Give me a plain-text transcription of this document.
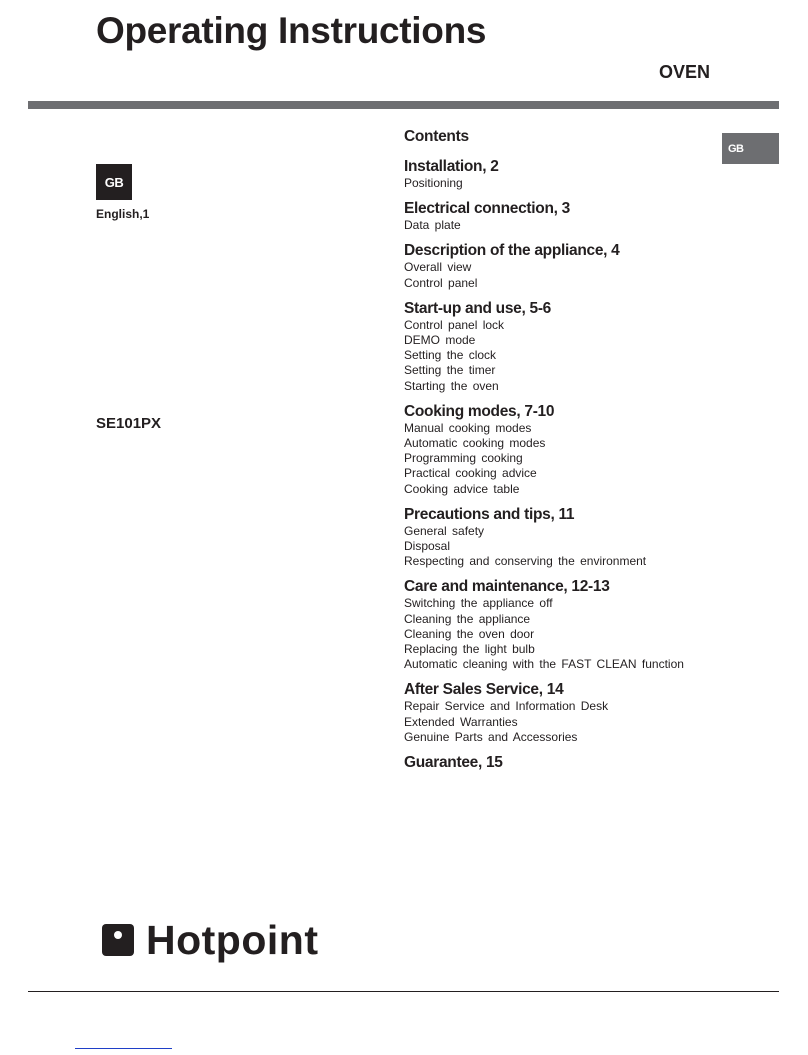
Operating Instructions
OVEN
GB
English,1
SE101PX
GB
Contents
Installation, 2
Positioning
Electrical connection, 3
Data plate
Description of the appliance, 4
Overall view
Control panel
Start-up and use, 5-6
Control panel lock
DEMO mode
Setting the clock
Setting the timer
Starting the oven
Cooking modes, 7-10
Manual cooking modes
Automatic cooking modes
Programming cooking
Practical cooking advice
Cooking advice table
Precautions and tips, 11
General safety
Disposal
Respecting and conserving the environment
Care and maintenance, 12-13
Switching the appliance off
Cleaning the appliance
Cleaning the oven door
Replacing the light bulb
Automatic cleaning with the FAST CLEAN function
After Sales Service, 14
Repair Service and Information Desk
Extended Warranties
Genuine Parts and Accessories
Guarantee, 15
Hotpoint
